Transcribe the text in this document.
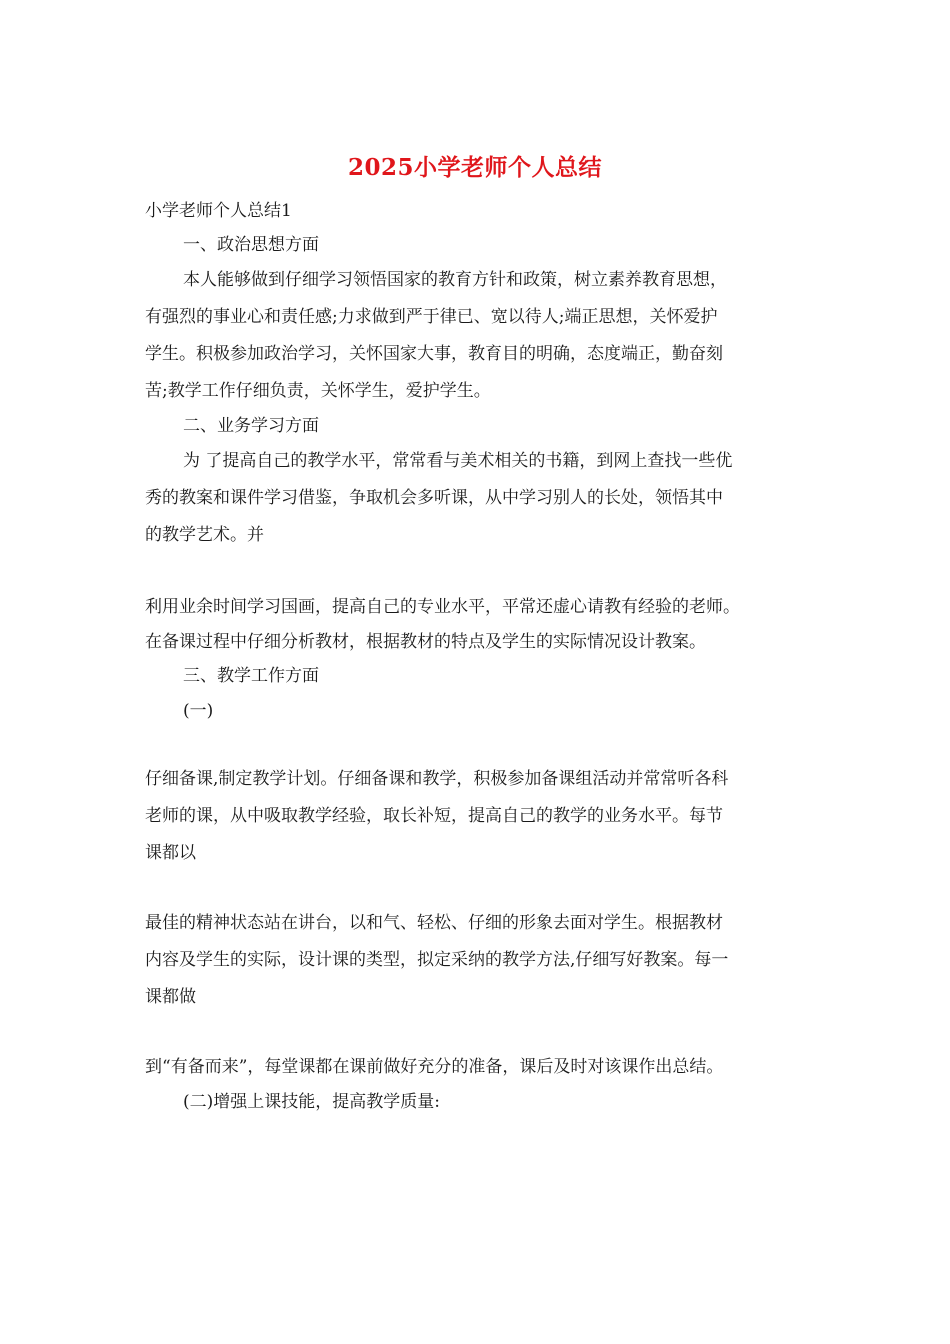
2025小学老师个人总结
小学老师个人总结1
一、政治思想方面
本人能够做到仔细学习领悟国家的教育方针和政策，树立素养教育思想，
有强烈的事业心和责任感;力求做到严于律已、宽以待人;端正思想，关怀爱护
学生。积极参加政治学习，关怀国家大事，教育目的明确，态度端正，勤奋刻
苦;教学工作仔细负责，关怀学生，爱护学生。
二、业务学习方面
为 了提高自己的教学水平，常常看与美术相关的书籍，到网上查找一些优
秀的教案和课件学习借鉴，争取机会多听课，从中学习别人的长处，领悟其中
的教学艺术。并
利用业余时间学习国画，提高自己的专业水平，平常还虚心请教有经验的老师。
在备课过程中仔细分析教材，根据教材的特点及学生的实际情况设计教案。
三、教学工作方面
(一)
仔细备课,制定教学计划。仔细备课和教学，积极参加备课组活动并常常听各科
老师的课，从中吸取教学经验，取长补短，提高自己的教学的业务水平。每节
课都以
最佳的精神状态站在讲台，以和气、轻松、仔细的形象去面对学生。根据教材
内容及学生的实际，设计课的类型，拟定采纳的教学方法,仔细写好教案。每一
课都做
到“有备而来”，每堂课都在课前做好充分的准备，课后及时对该课作出总结。
(二)增强上课技能，提高教学质量:
